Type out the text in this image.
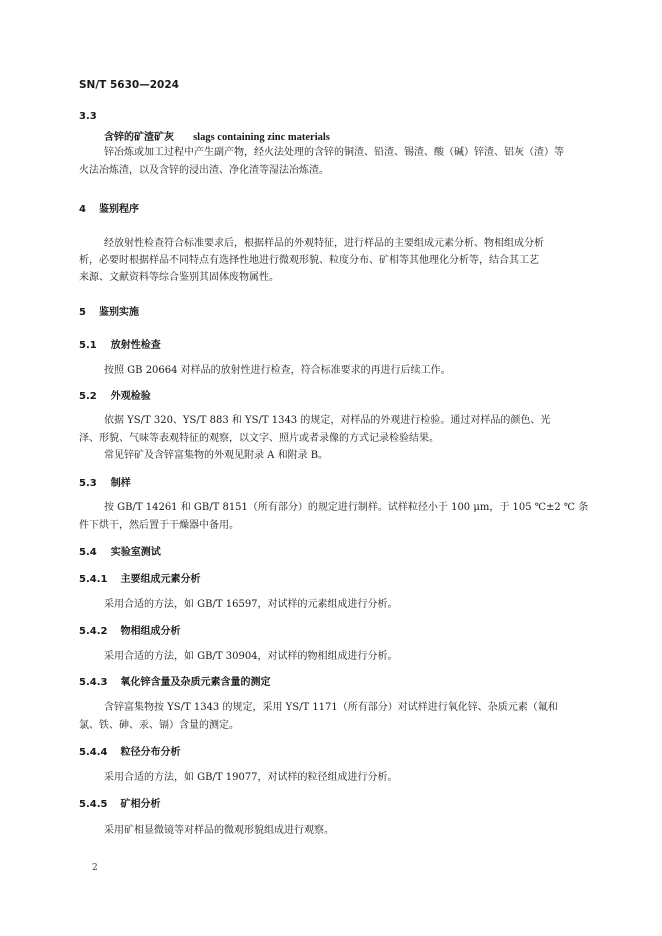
SN/T 5630—2024
3.3
含锌的矿渣矿灰 slags containing zinc materials
锌冶炼或加工过程中产生副产物，经火法处理的含锌的铜渣、铅渣、锡渣、酸（碱）锌渣、铝灰（渣）等
火法冶炼渣，以及含锌的浸出渣、净化渣等湿法冶炼渣。
4 鉴别程序
经放射性检查符合标准要求后，根据样品的外观特征，进行样品的主要组成元素分析、物相组成分析
析，必要时根据样品不同特点有选择性地进行微观形貌、粒度分布、矿相等其他理化分析等，结合其工艺
来源、文献资料等综合鉴别其固体废物属性。
5 鉴别实施
5.1 放射性检查
按照 GB 20664 对样品的放射性进行检查，符合标准要求的再进行后续工作。
5.2 外观检验
依据 YS/T 320、YS/T 883 和 YS/T 1343 的规定，对样品的外观进行检验。通过对样品的颜色、光
泽、形貌、气味等表观特征的观察，以文字、照片或者录像的方式记录检验结果。
常见锌矿及含锌富集物的外观见附录 A 和附录 B。
5.3 制样
按 GB/T 14261 和 GB/T 8151（所有部分）的规定进行制样。试样粒径小于 100 μm，于 105 ℃±2 ℃ 条
件下烘干，然后置于干燥器中备用。
5.4 实验室测试
5.4.1 主要组成元素分析
采用合适的方法，如 GB/T 16597，对试样的元素组成进行分析。
5.4.2 物相组成分析
采用合适的方法，如 GB/T 30904，对试样的物相组成进行分析。
5.4.3 氧化锌含量及杂质元素含量的测定
含锌富集物按 YS/T 1343 的规定，采用 YS/T 1171（所有部分）对试样进行氧化锌、杂质元素（氟和
氯、铁、砷、汞、镉）含量的测定。
5.4.4 粒径分布分析
采用合适的方法，如 GB/T 19077，对试样的粒径组成进行分析。
5.4.5 矿相分析
采用矿相显微镜等对样品的微观形貌组成进行观察。
2
